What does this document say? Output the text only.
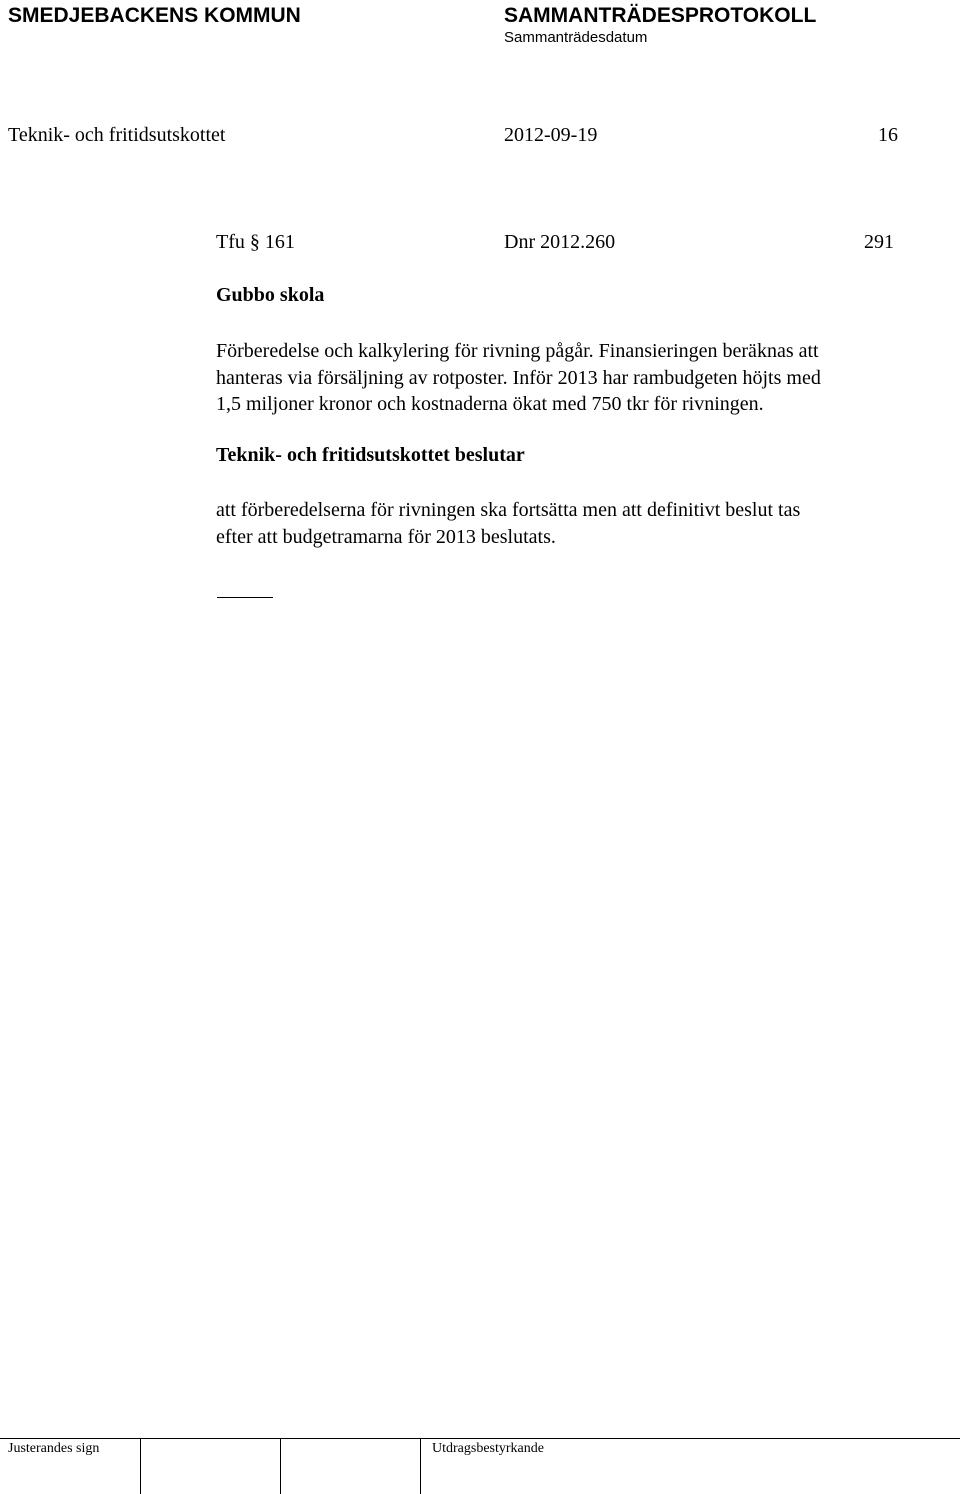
SMEDJEBACKENS KOMMUN	SAMMANTRÄDESPROTOKOLL
Sammanträdesdatum
Teknik- och fritidsutskottet	2012-09-19	16
Tfu § 161	Dnr 2012.260	291
Gubbo skola

Förberedelse och kalkylering för rivning pågår. Finansieringen beräknas att

hanteras via försäljning av rotposter. Inför 2013 har rambudgeten höjts med

1,5 miljoner kronor och kostnaderna ökat med 750 tkr för rivningen.

Teknik- och fritidsutskottet beslutar

att förberedelserna för rivningen ska fortsätta men att definitivt beslut tas

efter att budgetramarna för 2013 beslutats.

Justerandes sign	Utdragsbestyrkande
